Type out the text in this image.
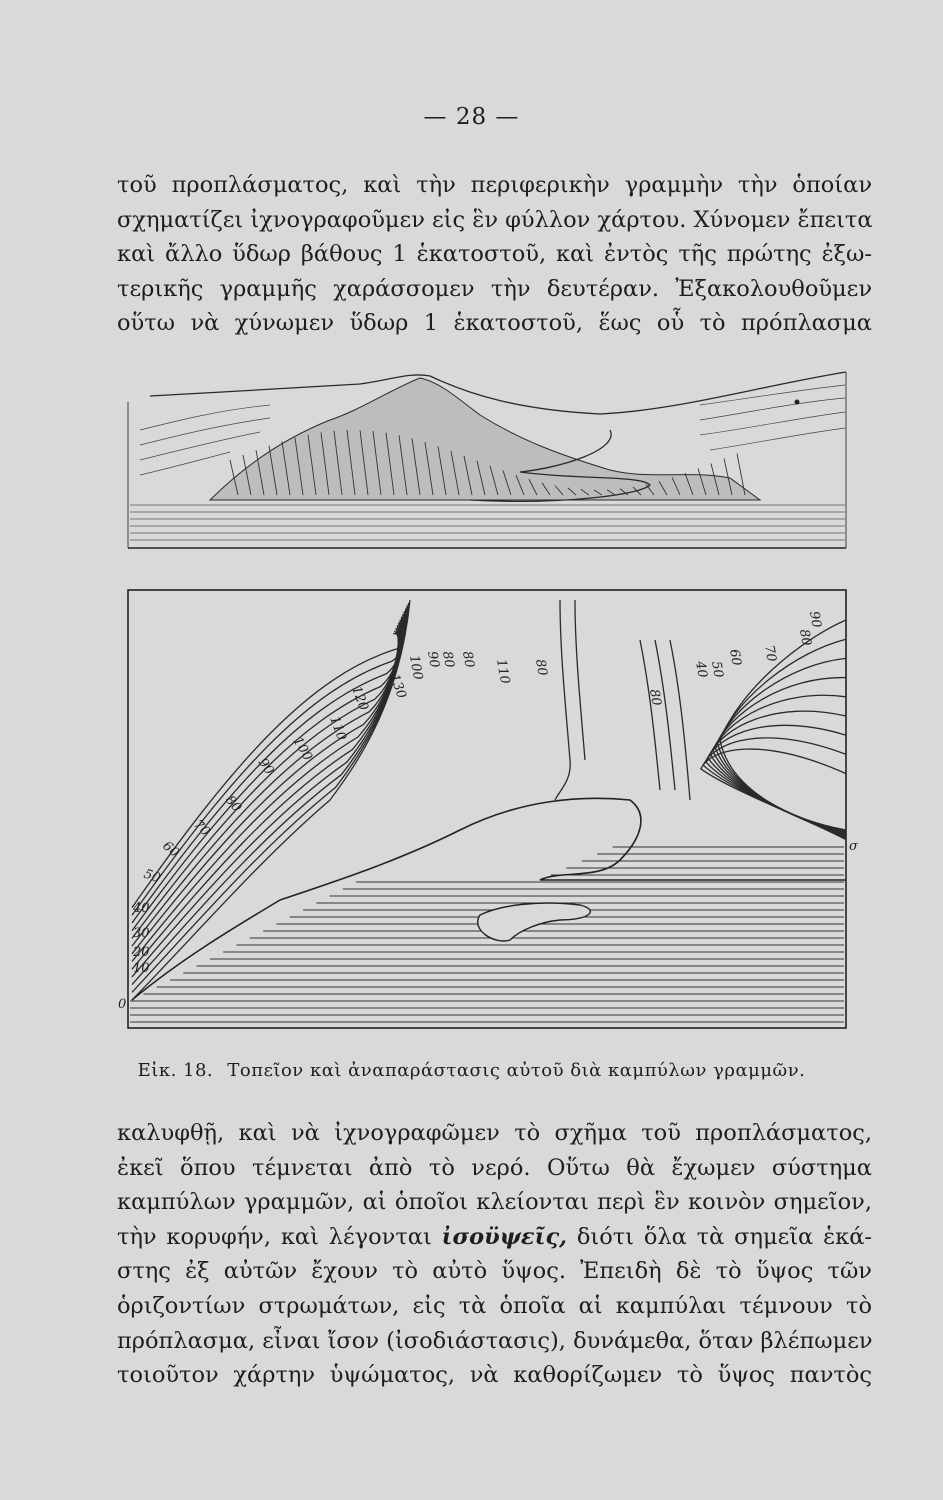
— 28 —
τοῦ προπλάσματος, καὶ τὴν περιφερικὴν γραμμὴν τὴν ὁποίαν
σχηματίζει ἰχνογραφοῦμεν εἰς ἓν φύλλον χάρτου. Χύνομεν ἔπειτα
καὶ ἄλλο ὕδωρ βάθους 1 ἑκατοστοῦ, καὶ ἐντὸς τῆς πρώτης ἐξω-
τερικῆς γραμμῆς χαράσσομεν τὴν δευτέραν. Ἐξακολουθοῦμεν
οὕτω νὰ χύνωμεν ὕδωρ 1 ἑκατοστοῦ, ἕως οὗ τὸ πρόπλασμα
130
120
110
100
90
80
70
60
50
40
30
20
10
0
σ
90
80
70
60
50
40
80 80	80
80
90
100	110
Εἰκ. 18. Τοπεῖον καὶ ἀναπαράστασις αὐτοῦ διὰ καμπύλων γραμμῶν.
καλυφθῇ, καὶ νὰ ἰχνογραφῶμεν τὸ σχῆμα τοῦ προπλάσματος,
ἐκεῖ ὅπου τέμνεται ἀπὸ τὸ νερό. Οὕτω θὰ ἔχωμεν σύστημα
καμπύλων γραμμῶν, αἱ ὁποῖοι κλείονται περὶ ἓν κοινὸν σημεῖον,
τὴν κορυφήν, καὶ λέγονται ἰσοϋψεῖς, διότι ὅλα τὰ σημεῖα ἑκά-
στης ἐξ αὐτῶν ἔχουν τὸ αὐτὸ ὕψος. Ἐπειδὴ δὲ τὸ ὕψος τῶν
ὁριζοντίων στρωμάτων, εἰς τὰ ὁποῖα αἱ καμπύλαι τέμνουν τὸ
πρόπλασμα, εἶναι ἴσον (ἰσοδιάστασις), δυνάμεθα, ὅταν βλέπωμεν
τοιοῦτον χάρτην ὑψώματος, νὰ καθορίζωμεν τὸ ὕψος παντὸς
